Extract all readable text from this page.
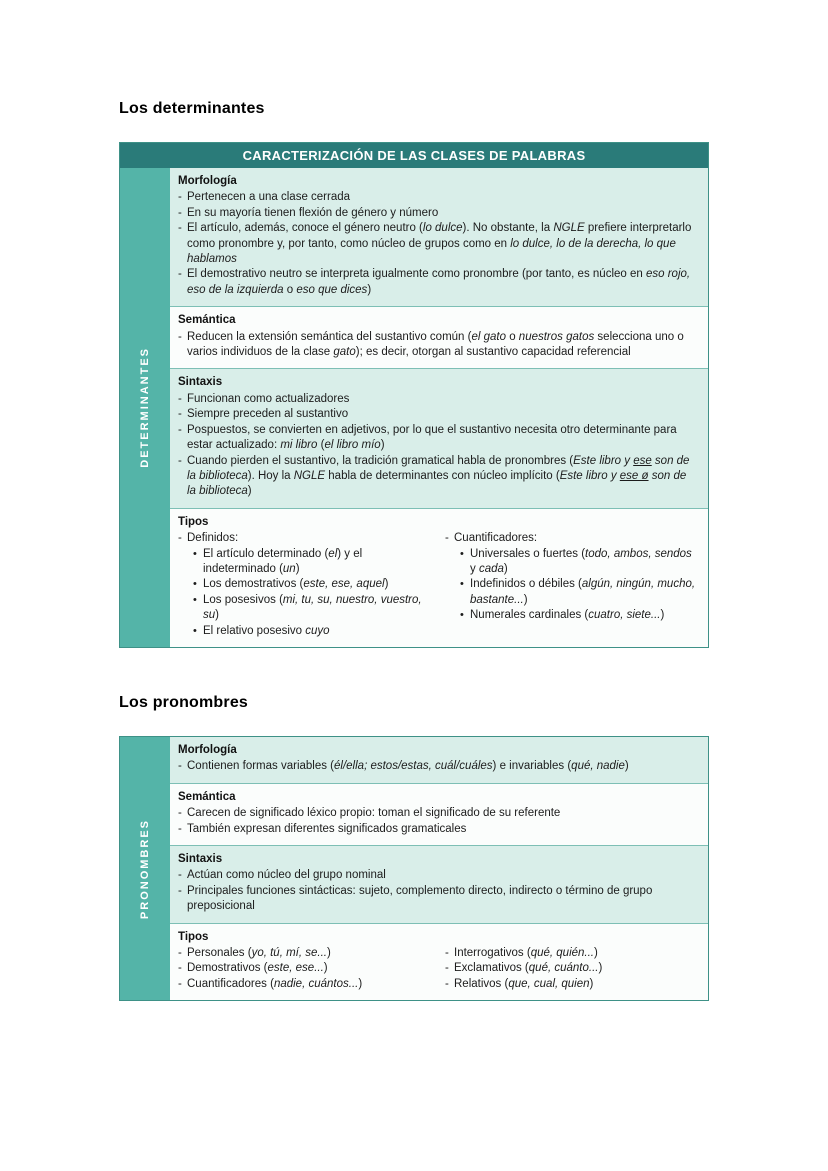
Los determinantes
CARACTERIZACIÓN DE LAS CLASES DE PALABRAS
DETERMINANTES
Morfología
- Pertenecen a una clase cerrada
- En su mayoría tienen flexión de género y número
- El artículo, además, conoce el género neutro (lo dulce). No obstante, la NGLE prefiere interpretarlo como pronombre y, por tanto, como núcleo de grupos como en lo dulce, lo de la derecha, lo que hablamos
- El demostrativo neutro se interpreta igualmente como pronombre (por tanto, es núcleo en eso rojo, eso de la izquierda o eso que dices)
Semántica
- Reducen la extensión semántica del sustantivo común (el gato o nuestros gatos selecciona uno o varios individuos de la clase gato); es decir, otorgan al sustantivo capacidad referencial
Sintaxis
- Funcionan como actualizadores
- Siempre preceden al sustantivo
- Pospuestos, se convierten en adjetivos, por lo que el sustantivo necesita otro determinante para estar actualizado: mi libro (el libro mío)
- Cuando pierden el sustantivo, la tradición gramatical habla de pronombres (Este libro y ese son de la biblioteca). Hoy la NGLE habla de determinantes con núcleo implícito (Este libro y ese ø son de la biblioteca)
Tipos
- Definidos:
• El artículo determinado (el) y el indeterminado (un)
• Los demostrativos (este, ese, aquel)
• Los posesivos (mi, tu, su, nuestro, vuestro, su)
• El relativo posesivo cuyo
- Cuantificadores:
• Universales o fuertes (todo, ambos, sendos y cada)
• Indefinidos o débiles (algún, ningún, mucho, bastante...)
• Numerales cardinales (cuatro, siete...)
Los pronombres
PRONOMBRES
Morfología
- Contienen formas variables (él/ella; estos/estas, cuál/cuáles) e invariables (qué, nadie)
Semántica
- Carecen de significado léxico propio: toman el significado de su referente
- También expresan diferentes significados gramaticales
Sintaxis
- Actúan como núcleo del grupo nominal
- Principales funciones sintácticas: sujeto, complemento directo, indirecto o término de grupo preposicional
Tipos
- Personales (yo, tú, mí, se...)
- Demostrativos (este, ese...)
- Cuantificadores (nadie, cuántos...)
- Interrogativos (qué, quién...)
- Exclamativos (qué, cuánto...)
- Relativos (que, cual, quien)
